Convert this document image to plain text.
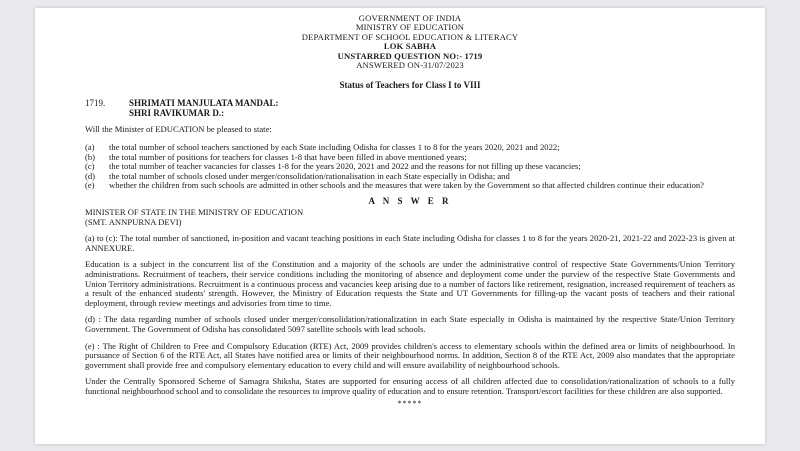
GOVERNMENT OF INDIA
MINISTRY OF EDUCATION
DEPARTMENT OF SCHOOL EDUCATION & LITERACY
LOK SABHA
UNSTARRED QUESTION NO:- 1719
ANSWERED ON-31/07/2023
Status of Teachers for Class I to VIII
1719.	SHRIMATI MANJULATA MANDAL:
SHRI RAVIKUMAR D.:

Will the Minister of EDUCATION be pleased to state:

(a)	the total number of school teachers sanctioned by each State including Odisha for classes 1 to 8 for the years 2020, 2021 and 2022;
(b)	the total number of positions for teachers for classes 1-8 that have been filled in above mentioned years;
(c)	the total number of teacher vacancies for classes 1-8 for the years 2020, 2021 and 2022 and the reasons for not filling up these vacancies;
(d)	the total number of schools closed under merger/consolidation/rationalisation in each State especially in Odisha; and
(e)	whether the children from such schools are admitted in other schools and the measures that were taken by the Government so that affected children continue their education?
A N S W E R
MINISTER OF STATE IN THE MINISTRY OF EDUCATION
(SMT. ANNPURNA DEVI)

(a) to (c): The total number of sanctioned, in-position and vacant teaching positions in each State including Odisha for classes 1 to 8 for the years 2020-21, 2021-22 and 2022-23 is given at ANNEXURE.

Education is a subject in the concurrent list of the Constitution and a majority of the schools are under the administrative control of respective State Governments/Union Territory administrations. Recruitment of teachers, their service conditions including the monitoring of absence and deployment come under the purview of the respective State Governments and Union Territory administrations. Recruitment is a continuous process and vacancies keep arising due to a number of factors like retirement, resignation, increased requirement of teachers as a result of the enhanced students' strength. However, the Ministry of Education requests the State and UT Governments for filling-up the vacant posts of teachers and their rational deployment, through review meetings and advisories from time to time.

(d) : The data regarding number of schools closed under merger/consolidation/rationalization in each State especially in Odisha is maintained by the respective State/Union Territory Government. The Government of Odisha has consolidated 5097 satellite schools with lead schools.

(e) : The Right of Children to Free and Compulsory Education (RTE) Act, 2009 provides children's access to elementary schools within the defined area or limits of neighbourhood. In pursuance of Section 6 of the RTE Act, all States have notified area or limits of their neighbourhood norms. In addition, Section 8 of the RTE Act, 2009 also mandates that the appropriate government shall provide free and compulsory elementary education to every child and will ensure availability of neighbourhood schools.

Under the Centrally Sponsored Scheme of Samagra Shiksha, States are supported for ensuring access of all children affected due to consolidation/rationalization of schools to a fully functional neighbourhood school and to consolidate the resources to improve quality of education and to ensure retention. Transport/escort facilities for these children are also supported.

*****
